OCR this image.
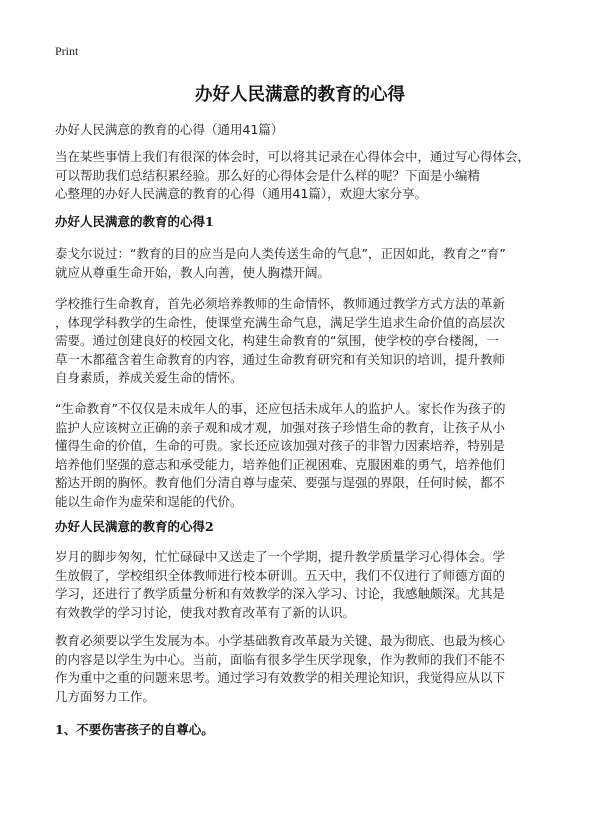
Print
办好人民满意的教育的心得
办好人民满意的教育的心得（通用41篇）
当在某些事情上我们有很深的体会时，可以将其记录在心得体会中，通过写心得体会，
可以帮助我们总结积累经验。那么好的心得体会是什么样的呢？下面是小编精
心整理的办好人民满意的教育的心得（通用41篇），欢迎大家分享。
办好人民满意的教育的心得1
泰戈尔说过：“教育的目的应当是向人类传送生命的气息”，正因如此，教育之“育”
就应从尊重生命开始，教人向善，使人胸襟开阔。
学校推行生命教育，首先必须培养教师的生命情怀，教师通过教学方式方法的革新
，体现学科教学的生命性，使课堂充满生命气息，满足学生追求生命价值的高层次
需要。通过创建良好的校园文化，构建生命教育的“氛围，使学校的亭台楼阁，一
草一木都蕴含着生命教育的内容，通过生命教育研究和有关知识的培训，提升教师
自身素质，养成关爱生命的情怀。
“生命教育”不仅仅是未成年人的事，还应包括未成年人的监护人。家长作为孩子的
监护人应该树立正确的亲子观和成才观，加强对孩子珍惜生命的教育，让孩子从小
懂得生命的价值，生命的可贵。家长还应该加强对孩子的非智力因素培养，特别是
培养他们坚强的意志和承受能力，培养他们正视困难、克服困难的勇气，培养他们
豁达开朗的胸怀。教育他们分清自尊与虚荣、要强与逞强的界限，任何时候，都不
能以生命作为虚荣和逞能的代价。
办好人民满意的教育的心得2
岁月的脚步匆匆，忙忙碌碌中又送走了一个学期，提升教学质量学习心得体会。学
生放假了，学校组织全体教师进行校本研训。五天中，我们不仅进行了师德方面的
学习，还进行了教学质量分析和有效教学的深入学习、讨论，我感触颇深。尤其是
有效教学的学习讨论，使我对教育改革有了新的认识。
教育必须要以学生发展为本。小学基础教育改革最为关键、最为彻底、也最为核心
的内容是以学生为中心。当前，面临有很多学生厌学现象，作为教师的我们不能不
作为重中之重的问题来思考。通过学习有效教学的相关理论知识，我觉得应从以下
几方面努力工作。
1、不要伤害孩子的自尊心。
